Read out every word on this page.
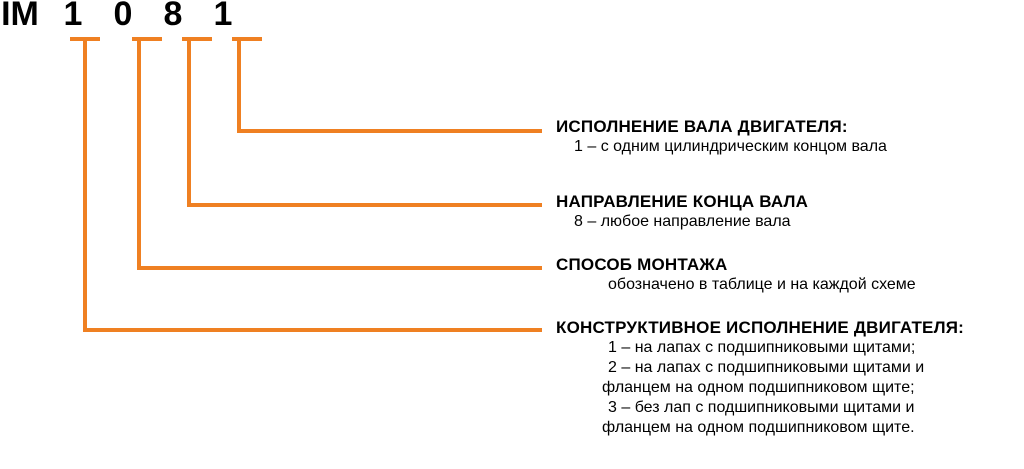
IM 1 0 8 1
ИСПОЛНЕНИЕ ВАЛА ДВИГАТЕЛЯ:
1 – с одним цилиндрическим концом вала
НАПРАВЛЕНИЕ КОНЦА ВАЛА
8 – любое направление вала
СПОСОБ МОНТАЖА
обозначено в таблице и на каждой схеме
КОНСТРУКТИВНОЕ ИСПОЛНЕНИЕ ДВИГАТЕЛЯ:
1 – на лапах с подшипниковыми щитами;
2 – на лапах с подшипниковыми щитами и
фланцем на одном подшипниковом щите;
3 – без лап с подшипниковыми щитами и
фланцем на одном подшипниковом щите.
